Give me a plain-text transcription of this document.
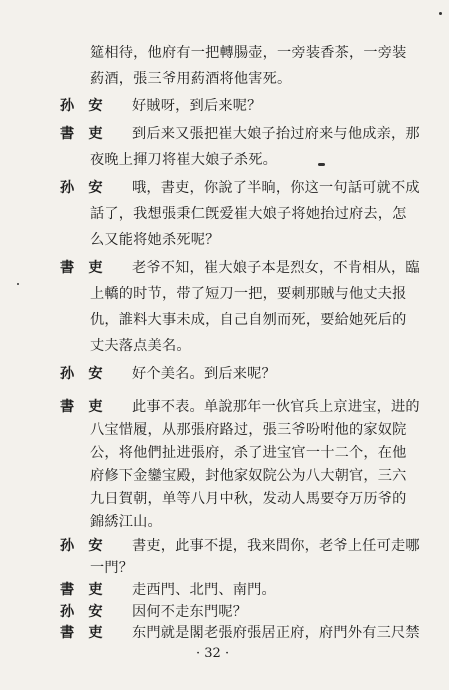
筵相待，他府有一把轉腸壶，一旁装香茶，一旁装
葯酒，張三爷用葯酒将他害死。
孙　安 好賊呀，到后来呢？
書　吏 到后来又張把崔大娘子抬过府来与他成亲，那
夜晚上揮刀将崔大娘子杀死。
孙　安 哦，書吏，你說了半晌，你这一句話可就不成
話了，我想張秉仁旣爱崔大娘子将她抬过府去，怎
么又能将她杀死呢？
書　吏 老爷不知，崔大娘子本是烈女，不肯相从，臨
上轎的时节，带了短刀一把，要刺那賊与他丈夫报
仇，誰料大事未成，自己自刎而死，要給她死后的
丈夫落点美名。
孙　安 好个美名。到后来呢？
書　吏 此事不表。单說那年一伙官兵上京进宝，进的
八宝惜履，从那張府路过，張三爷吩咐他的家奴院
公，将他們扯进張府，杀了进宝官一十二个，在他
府修下金鑾宝殿，封他家奴院公为八大朝官，三六
九日賀朝，单等八月中秋，发动人馬要夺万历爷的
錦綉江山。
孙　安 書吏，此事不提，我来問你，老爷上任可走哪
一門？
書　吏 走西門、北門、南門。
孙　安 因何不走东門呢？
· 32 ·
書　吏 东門就是閣老張府張居正府，府門外有三尺禁
